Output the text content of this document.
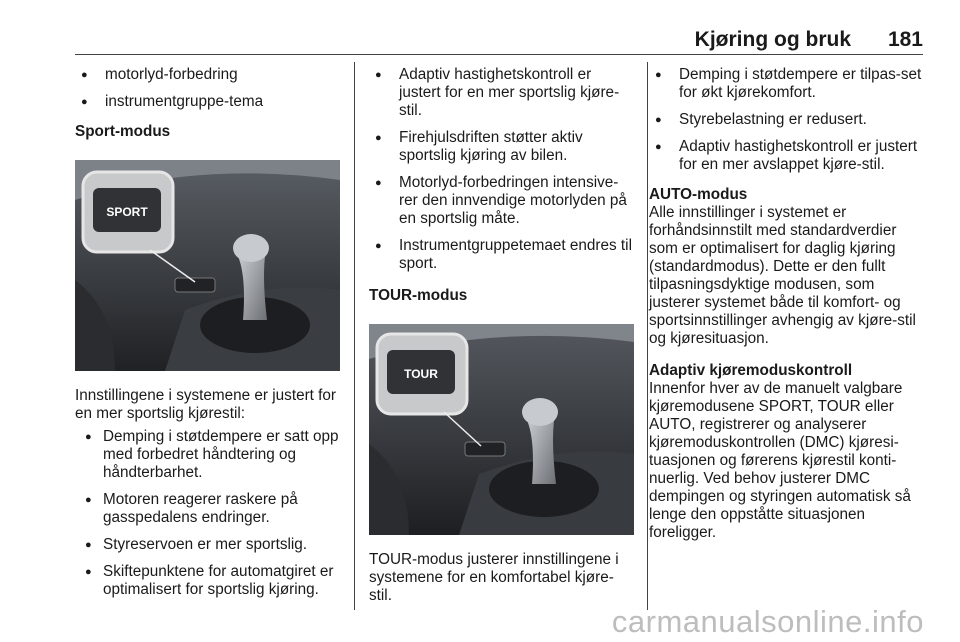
Kjøring og bruk 181
● motorlyd-forbedring
● instrumentgruppe-tema
Sport-modus
SPORT

Innstillingene i systemene er justert for en mer sportslig kjørestil:

● Demping i støtdempere er satt opp med forbedret håndtering og håndterbarhet.
● Motoren reagerer raskere på gasspedalens endringer.
● Styreservoen er mer sportslig.
● Skiftepunktene for automatgiret er optimalisert for sportslig kjøring.
● Adaptiv hastighetskontroll er justert for en mer sportslig kjøre-stil.
● Firehjulsdriften støtter aktiv sportslig kjøring av bilen.
● Motorlyd-forbedringen intensive-rer den innvendige motorlyden på en sportslig måte.
● Instrumentgruppetemaet endres til sport.
TOUR-modus
TOUR

TOUR-modus justerer innstillingene i systemene for en komfortabel kjøre-stil.

● Demping i støtdempere er tilpas-set for økt kjørekomfort.
● Styrebelastning er redusert.
● Adaptiv hastighetskontroll er justert for en mer avslappet kjøre-stil.
AUTO-modus

Alle innstillinger i systemet er forhåndsinnstilt med standardverdier som er optimalisert for daglig kjøring (standardmodus). Dette er den fullt tilpasningsdyktige modusen, som justerer systemet både til komfort- og sportsinnstillinger avhengig av kjøre-stil og kjøresituasjon.

Adaptiv kjøremoduskontroll

Innenfor hver av de manuelt valgbare kjøremodusene SPORT, TOUR eller AUTO, registrerer og analyserer kjøremoduskontrollen (DMC) kjøresi-tuasjonen og førerens kjørestil konti-nuerlig. Ved behov justerer DMC dempingen og styringen automatisk så lenge den oppståtte situasjonen foreligger.

carmanualsonline.info
